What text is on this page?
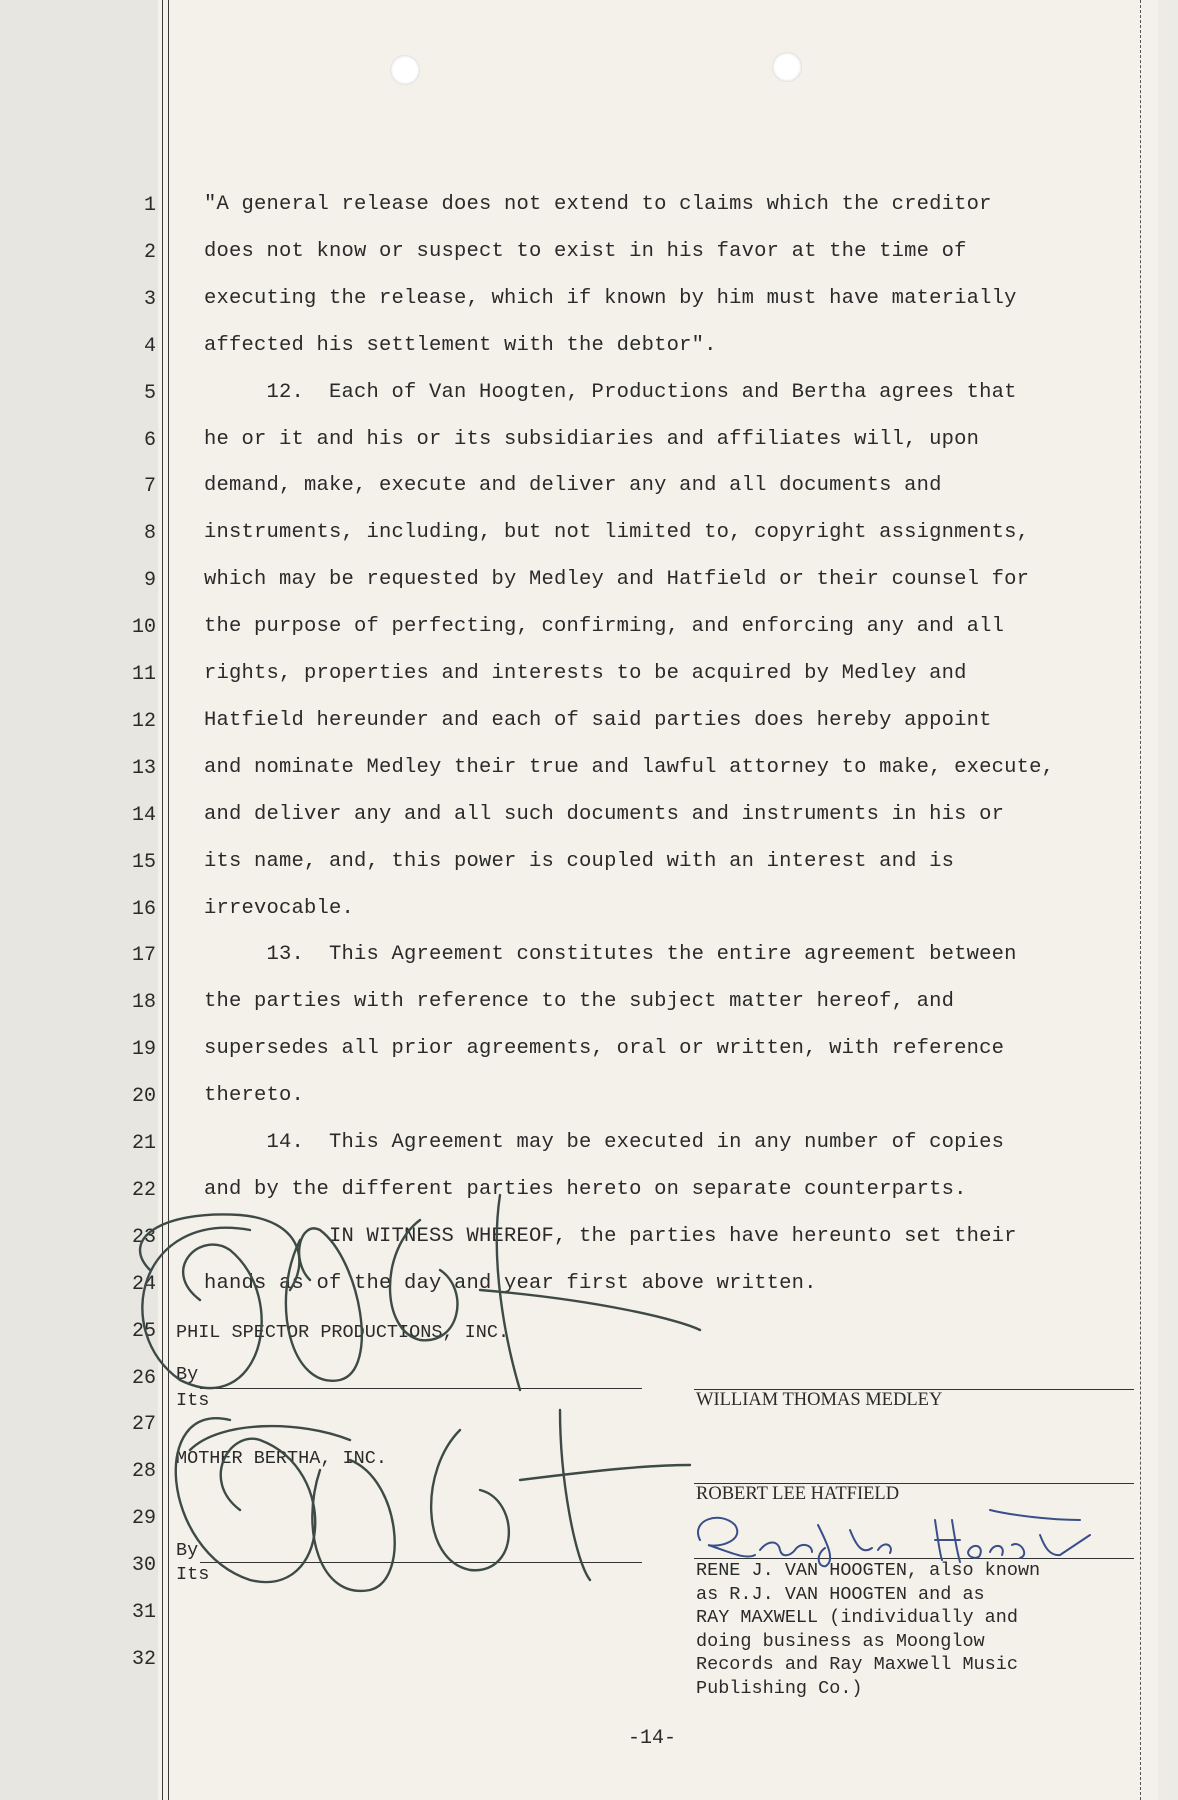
1
2
3
4
5
6
7
8
9
10
11
12
13
14
15
16
17
18
19
20
21
22
23
24
25
26
27
28
29
30
31
32
"A general release does not extend to claims which the creditor
does not know or suspect to exist in his favor at the time of
executing the release, which if known by him must have materially
affected his settlement with the debtor".
12.  Each of Van Hoogten, Productions and Bertha agrees that
he or it and his or its subsidiaries and affiliates will, upon
demand, make, execute and deliver any and all documents and
instruments, including, but not limited to, copyright assignments,
which may be requested by Medley and Hatfield or their counsel for
the purpose of perfecting, confirming, and enforcing any and all
rights, properties and interests to be acquired by Medley and
Hatfield hereunder and each of said parties does hereby appoint
and nominate Medley their true and lawful attorney to make, execute,
and deliver any and all such documents and instruments in his or
its name, and, this power is coupled with an interest and is
irrevocable.
13.  This Agreement constitutes the entire agreement between
the parties with reference to the subject matter hereof, and
supersedes all prior agreements, oral or written, with reference
thereto.
14.  This Agreement may be executed in any number of copies
and by the different parties hereto on separate counterparts.
IN WITNESS WHEREOF, the parties have hereunto set their
hands as of the day and year first above written.
PHIL SPECTOR PRODUCTIONS, INC.
By
Its
MOTHER BERTHA, INC.
By
Its
WILLIAM THOMAS MEDLEY
ROBERT LEE HATFIELD
RENE J. VAN HOOGTEN, also known
as R.J. VAN HOOGTEN and as
RAY MAXWELL (individually and
doing business as Moonglow
Records and Ray Maxwell Music
Publishing Co.)
-14-
